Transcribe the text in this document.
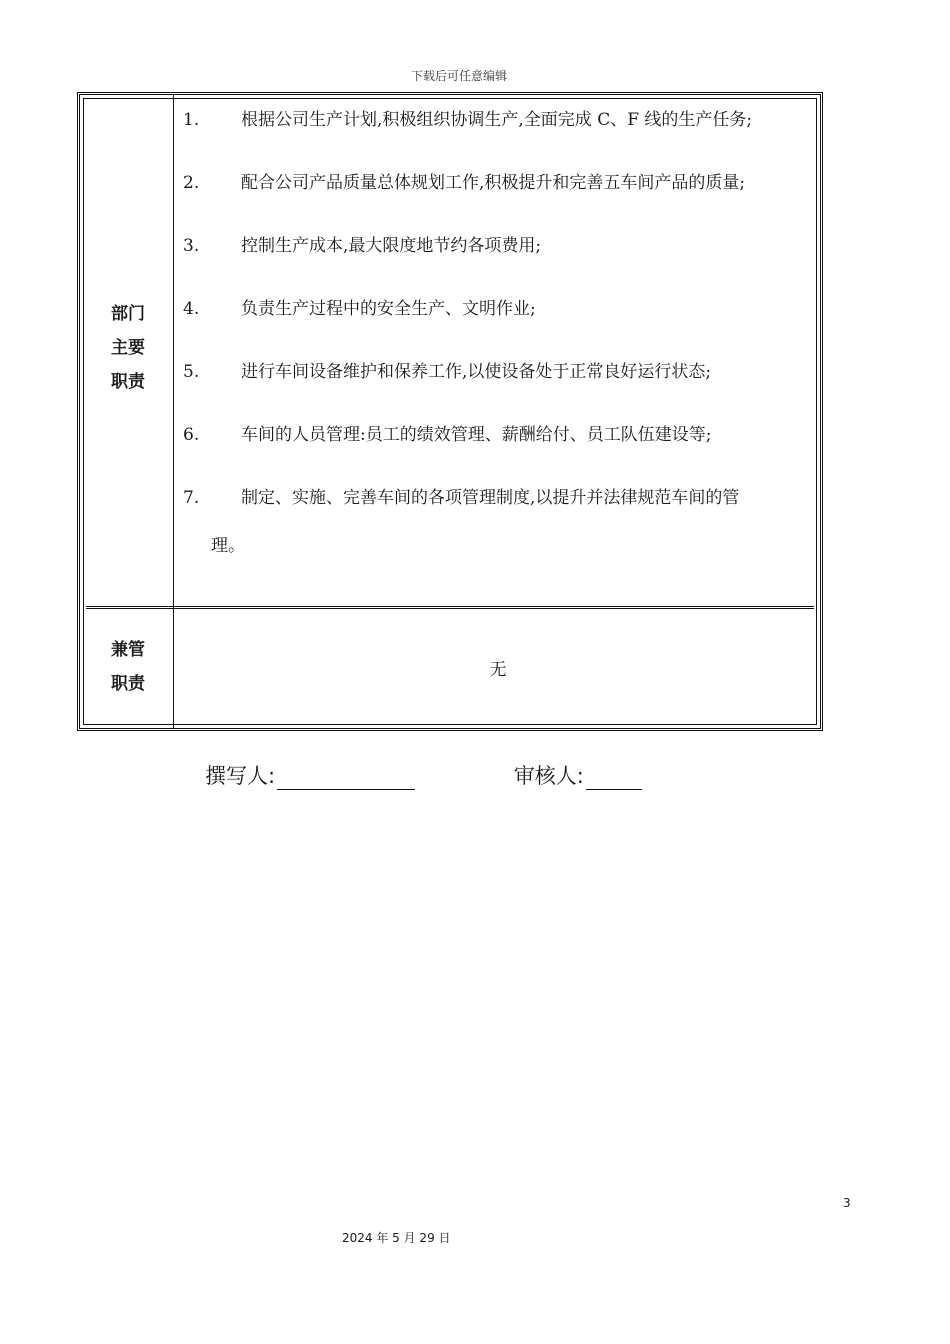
下载后可任意编辑
部门
主要
职责
1. 根据公司生产计划,积极组织协调生产,全面完成 C、F 线的生产任务;
2. 配合公司产品质量总体规划工作,积极提升和完善五车间产品的质量;
3. 控制生产成本,最大限度地节约各项费用;
4. 负责生产过程中的安全生产、文明作业;
5. 进行车间设备维护和保养工作,以使设备处于正常良好运行状态;
6. 车间的人员管理:员工的绩效管理、薪酬给付、员工队伍建设等;
7. 制定、实施、完善车间的各项管理制度,以提升并法律规范车间的管
理。
兼管
职责
无
撰写人:	审核人:
3
2024 年 5 月 29 日
